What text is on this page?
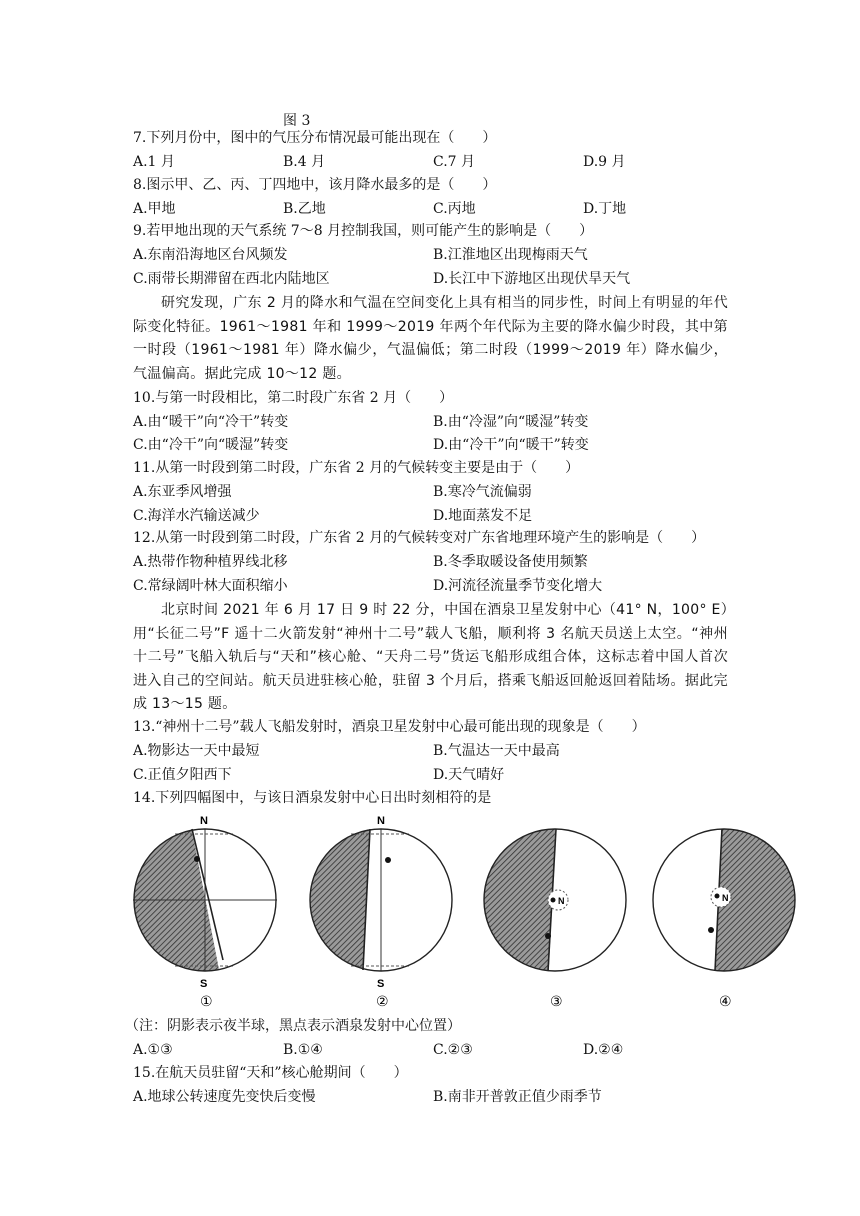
图 3
7.下列月份中，图中的气压分布情况最可能出现在（　　）
A.1 月	B.4 月	C.7 月	D.9 月
8.图示甲、乙、丙、丁四地中，该月降水最多的是（　　）
A.甲地	B.乙地	C.丙地	D.丁地
9.若甲地出现的天气系统 7～8 月控制我国，则可能产生的影响是（　　）
A.东南沿海地区台风频发	B.江淮地区出现梅雨天气
C.雨带长期滞留在西北内陆地区	D.长江中下游地区出现伏旱天气
研究发现，广东 2 月的降水和气温在空间变化上具有相当的同步性，时间上有明显的年代际变化特征。1961～1981 年和 1999～2019 年两个年代际为主要的降水偏少时段，其中第一时段（1961～1981 年）降水偏少，气温偏低；第二时段（1999～2019 年）降水偏少，气温偏高。据此完成 10～12 题。
10.与第一时段相比，第二时段广东省 2 月（　　）
A.由“暖干”向“冷干”转变	B.由“冷湿”向“暖湿”转变
C.由“冷干”向“暖湿”转变	D.由“冷干”向“暖干”转变
11.从第一时段到第二时段，广东省 2 月的气候转变主要是由于（　　）
A.东亚季风增强	B.寒冷气流偏弱
C.海洋水汽输送减少	D.地面蒸发不足
12.从第一时段到第二时段，广东省 2 月的气候转变对广东省地理环境产生的影响是（　　）
A.热带作物种植界线北移	B.冬季取暖设备使用频繁
C.常绿阔叶林大面积缩小	D.河流径流量季节变化增大
北京时间 2021 年 6 月 17 日 9 时 22 分，中国在酒泉卫星发射中心（41° N，100° E）用“长征二号”F 遥十二火箭发射“神州十二号”载人飞船，顺利将 3 名航天员送上太空。“神州十二号”飞船入轨后与“天和”核心舱、“天舟二号”货运飞船形成组合体，这标志着中国人首次进入自己的空间站。航天员进驻核心舱，驻留 3 个月后，搭乘飞船返回舱返回着陆场。据此完成 13～15 题。
13.“神州十二号”载人飞船发射时，酒泉卫星发射中心最可能出现的现象是（　　）
A.物影达一天中最短	B.气温达一天中最高
C.正值夕阳西下	D.天气晴好
14.下列四幅图中，与该日酒泉发射中心日出时刻相符的是
N
S
①
N
S
②
N
③
N
④
（注：阴影表示夜半球，黑点表示酒泉发射中心位置）
A.①③	B.①④	C.②③	D.②④
15.在航天员驻留“天和”核心舱期间（　　）
A.地球公转速度先变快后变慢	B.南非开普敦正值少雨季节
